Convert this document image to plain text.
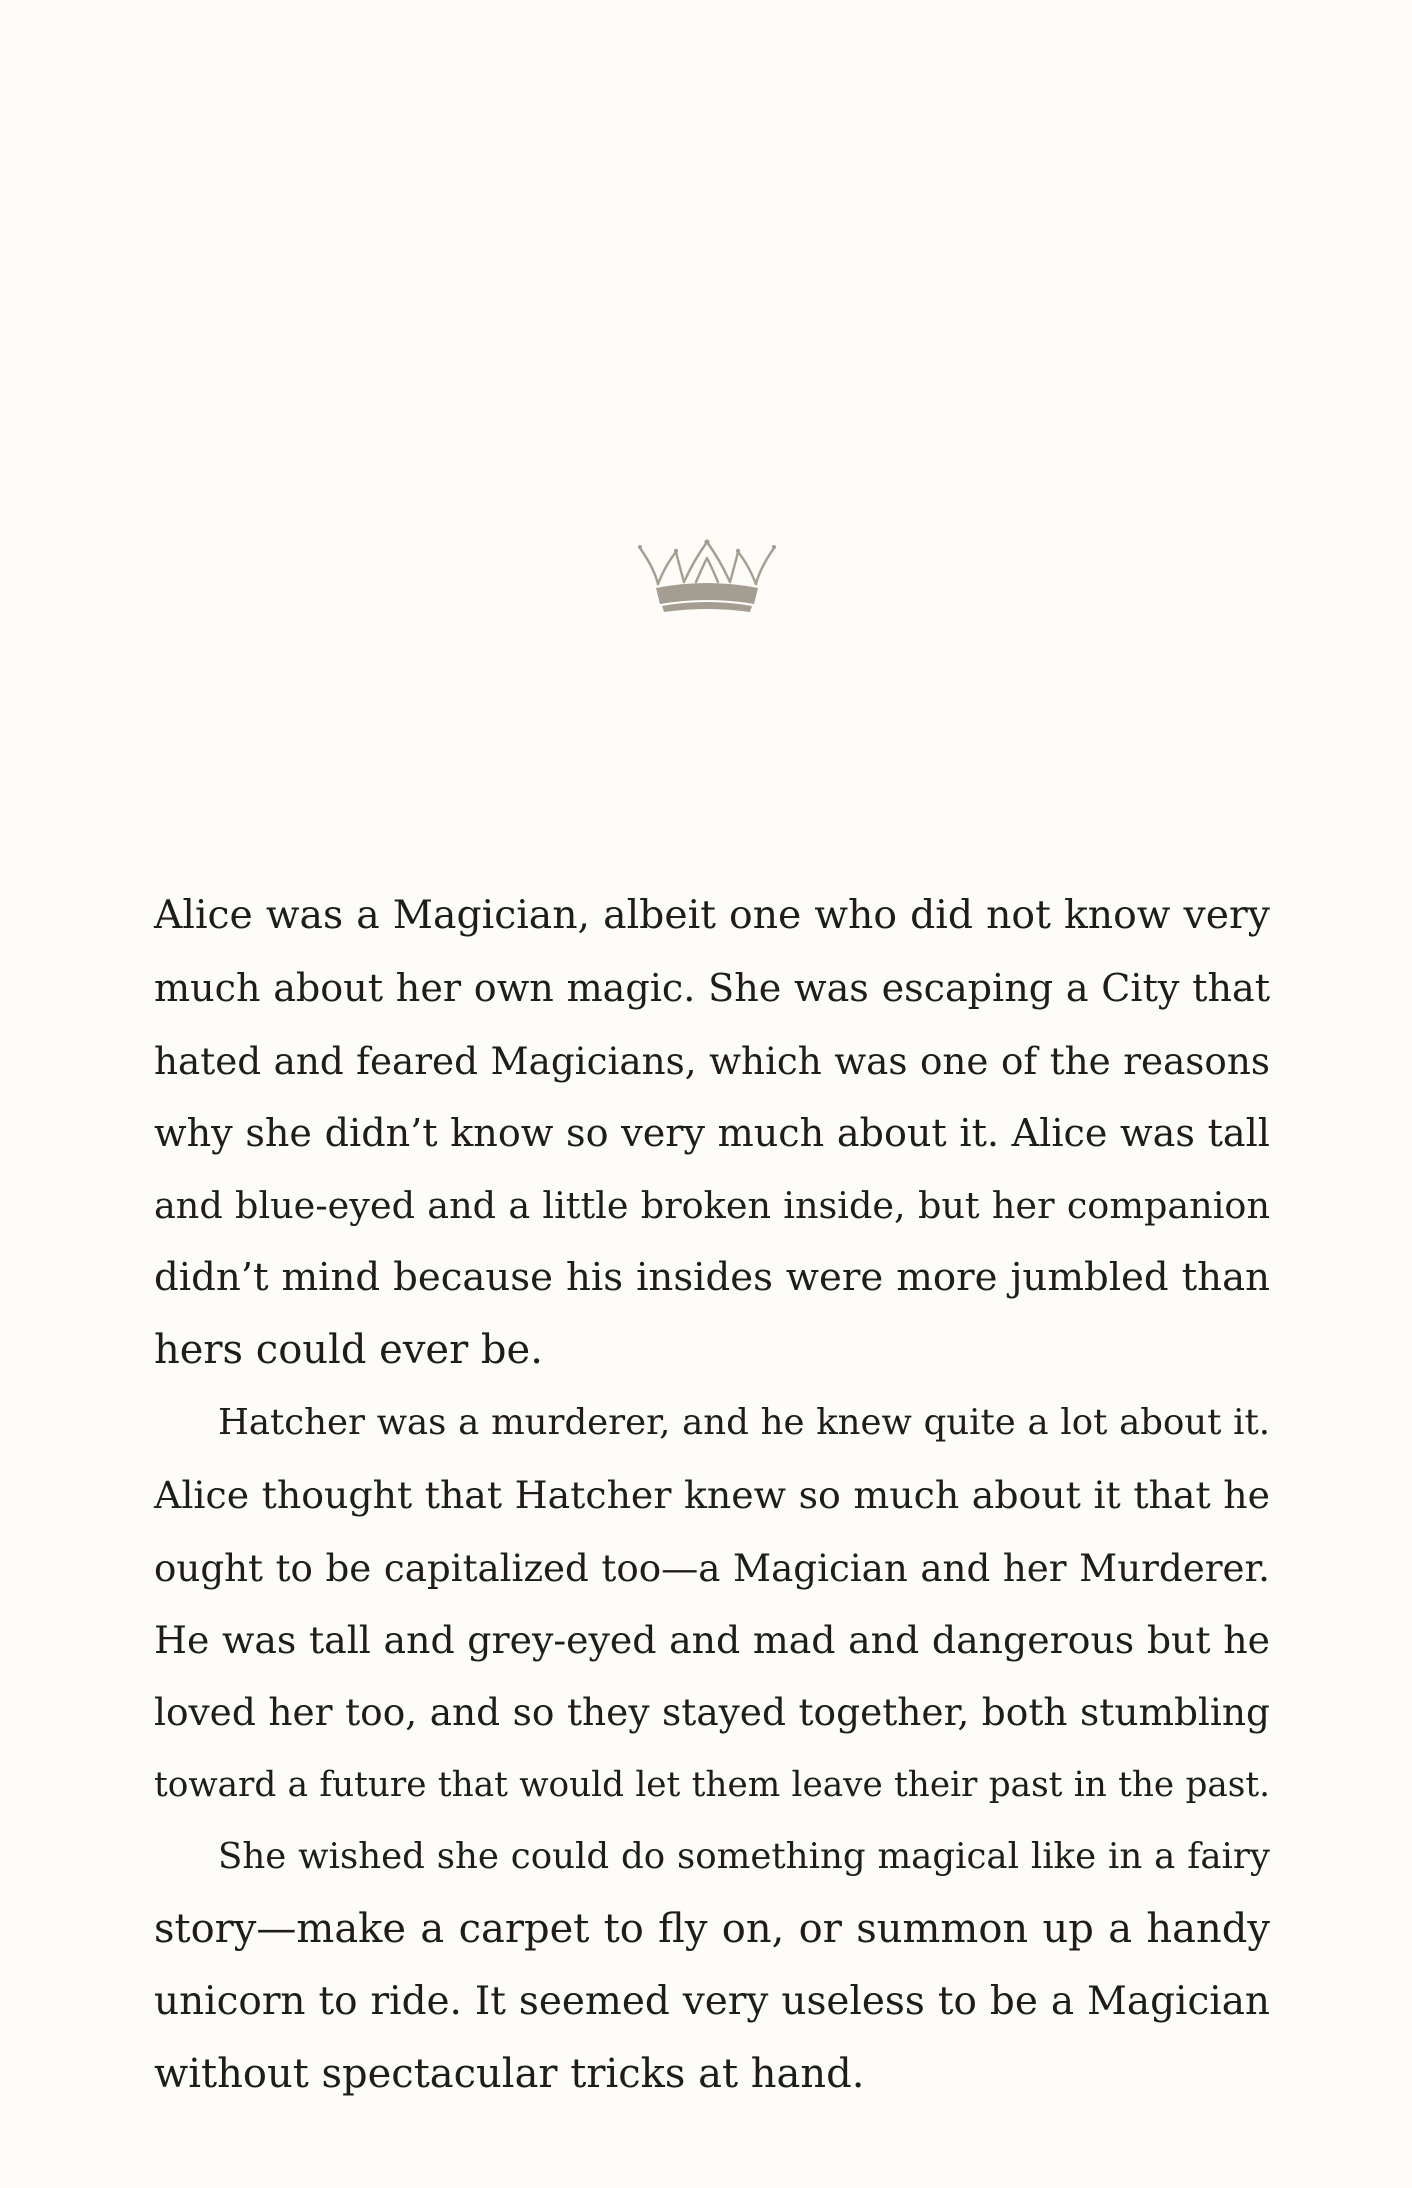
Alice was a Magician, albeit one who did not know very
much about her own magic. She was escaping a City that
hated and feared Magicians, which was one of the reasons
why she didn’t know so very much about it. Alice was tall
and blue-eyed and a little broken inside, but her companion
didn’t mind because his insides were more jumbled than
hers could ever be.
Hatcher was a murderer, and he knew quite a lot about it.
Alice thought that Hatcher knew so much about it that he
ought to be capitalized too—a Magician and her Murderer.
He was tall and grey-eyed and mad and dangerous but he
loved her too, and so they stayed together, both stumbling
toward a future that would let them leave their past in the past.
She wished she could do something magical like in a fairy
story—make a carpet to fly on, or summon up a handy
unicorn to ride. It seemed very useless to be a Magician
without spectacular tricks at hand.
